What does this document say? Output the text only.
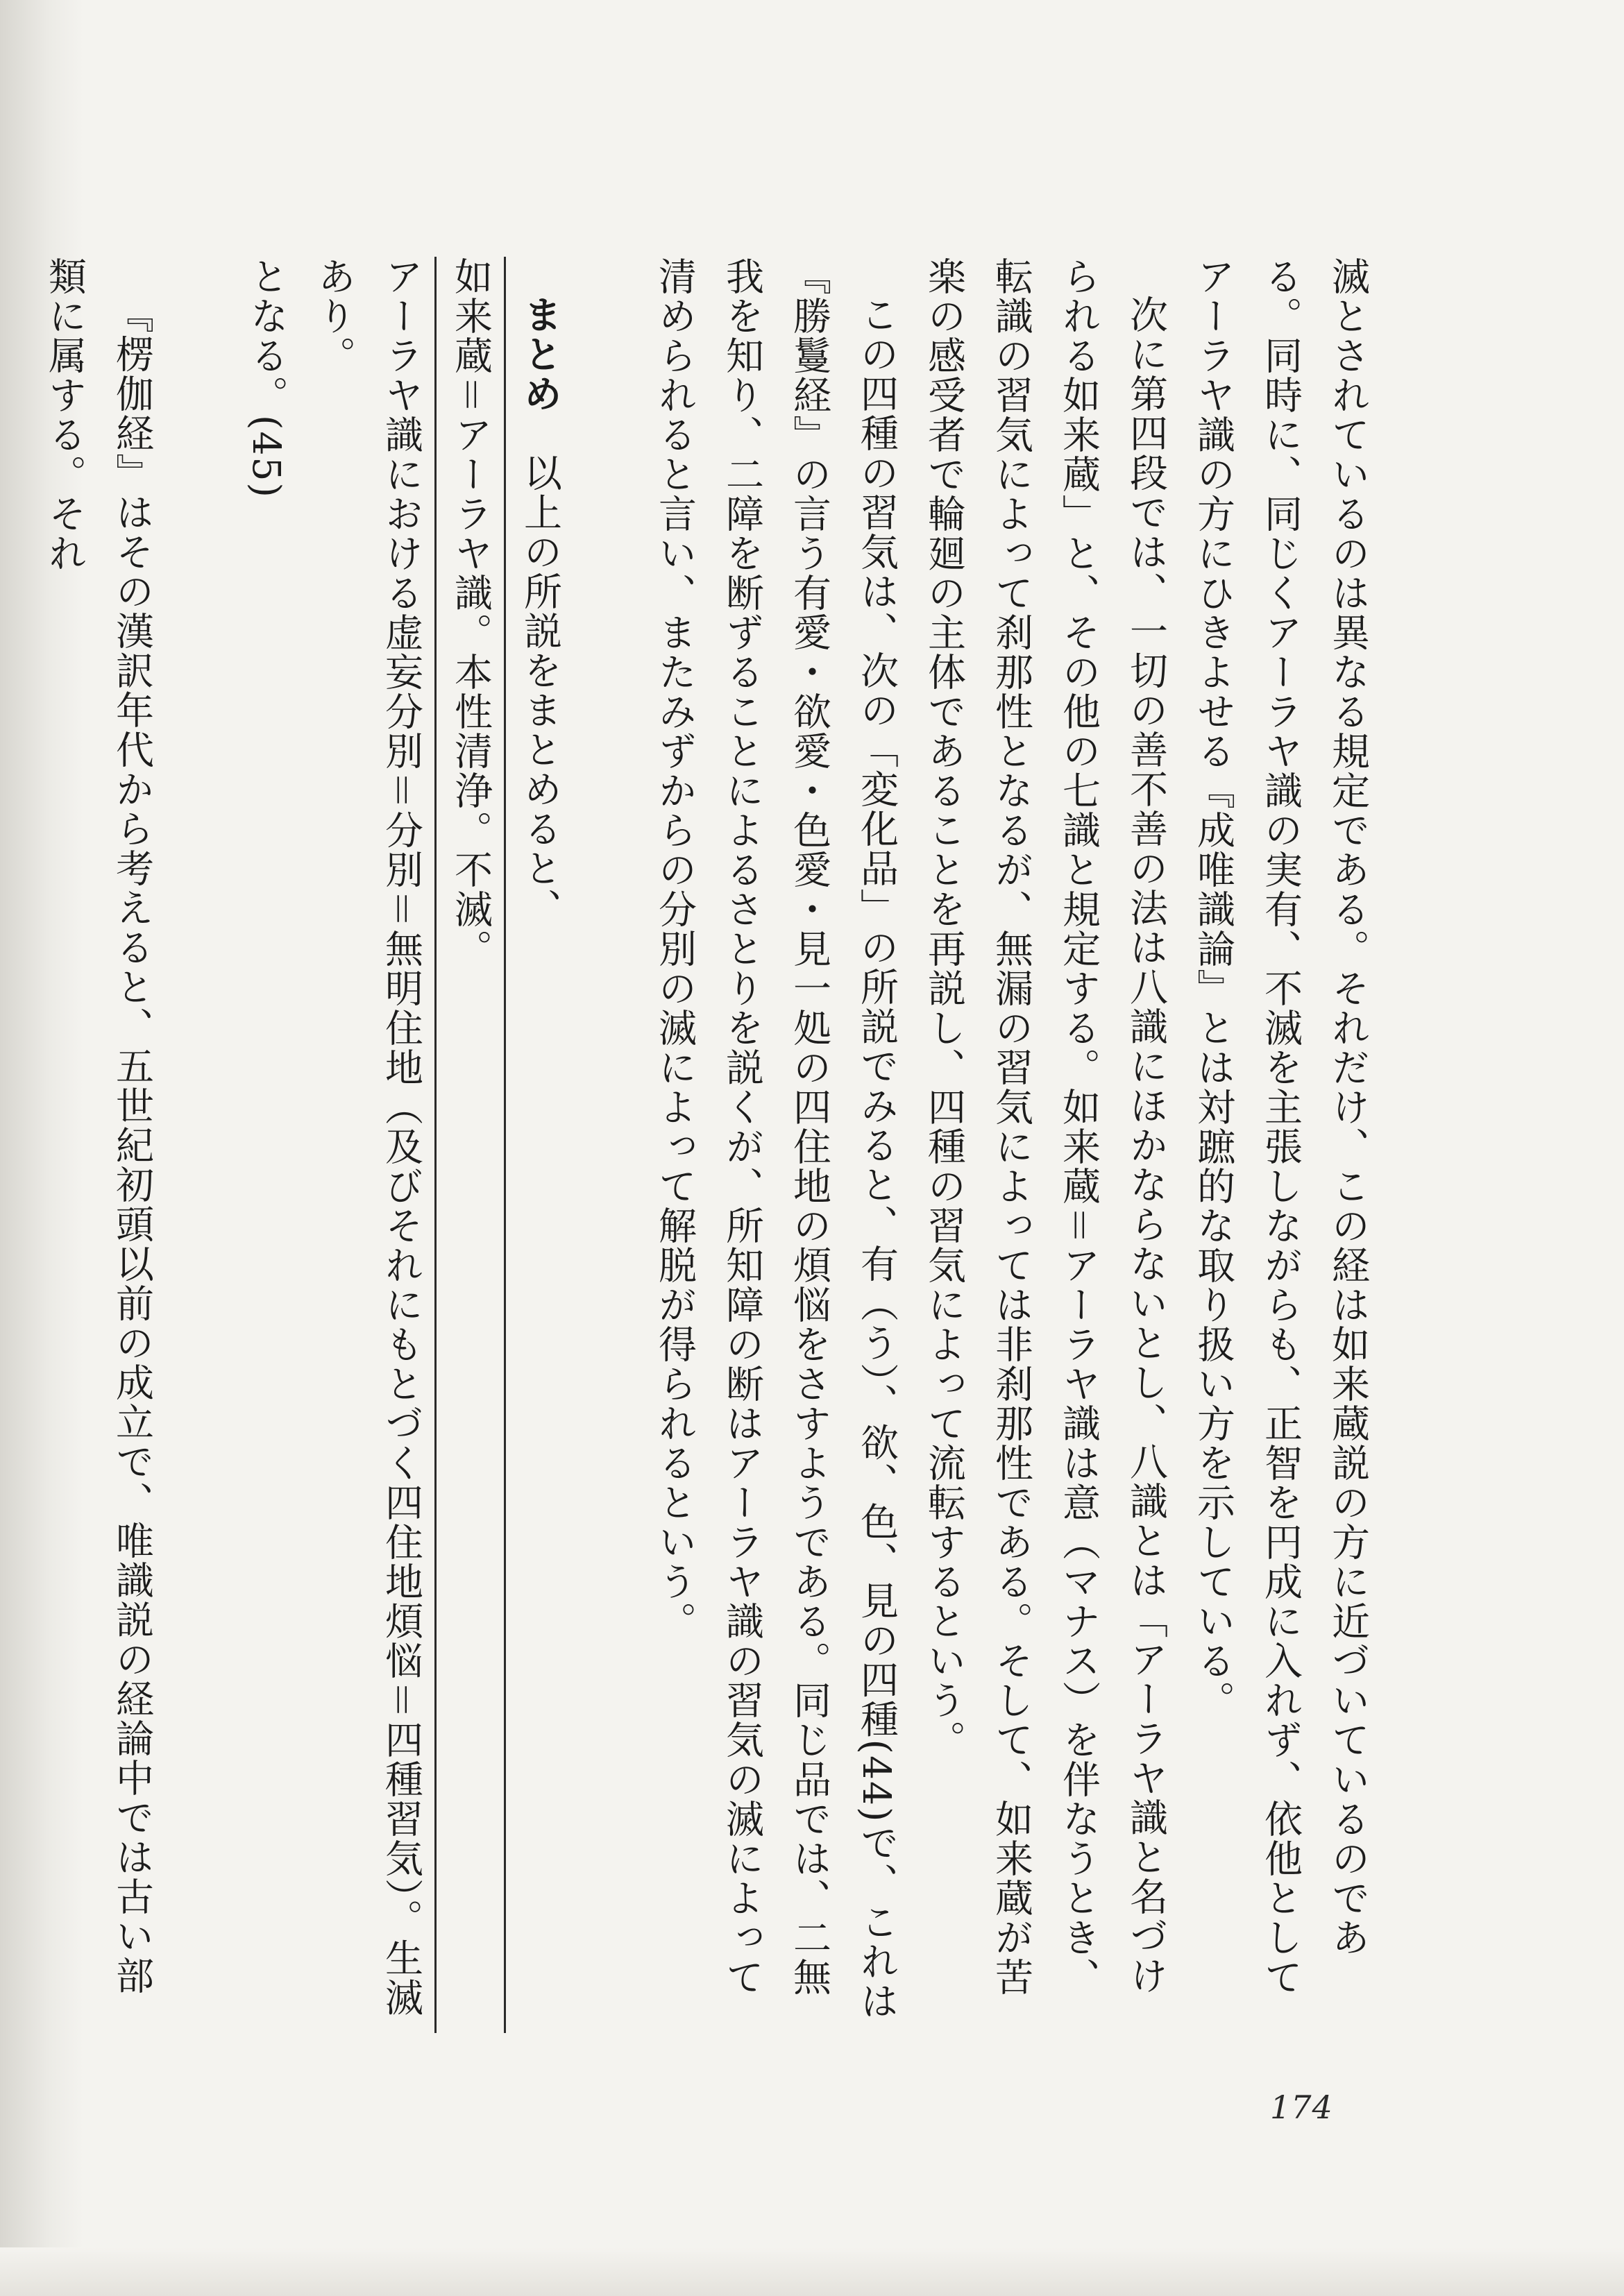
滅とされているのは異なる規定である。それだけ、この経は如来蔵説の方に近づいているのである。同時に、同じくアーラヤ識の実有、不滅を主張しながらも、正智を円成に入れず、依他としてアーラヤ識の方にひきよせる『成唯識論』とは対蹠的な取り扱い方を示している。

次に第四段では、一切の善不善の法は八識にほかならないとし、八識とは「アーラヤ識と名づけられる如来蔵」と、その他の七識と規定する。如来蔵＝アーラヤ識は意（マナス）を伴なうとき、転識の習気によって刹那性となるが、無漏の習気によっては非刹那性である。そして、如来蔵が苦楽の感受者で輪廻の主体であることを再説し、四種の習気によって流転するという。

この四種の習気は、次の「変化品」の所説でみると、有（う）、欲、色、見の四種(44)で、これは『勝鬘経』の言う有愛・欲愛・色愛・見一処の四住地の煩悩をさすようである。同じ品では、二無我を知り、二障を断ずることによるさとりを説くが、所知障の断はアーラヤ識の習気の滅によって清められると言い、またみずからの分別の滅によって解脱が得られるという。

まとめ　以上の所説をまとめると、

如来蔵＝アーラヤ識。本性清浄。不滅。

アーラヤ識における虚妄分別＝分別＝無明住地（及びそれにもとづく四住地煩悩＝四種習気）。生滅あり。

となる。(45)

『楞伽経』はその漢訳年代から考えると、五世紀初頭以前の成立で、唯識説の経論中では古い部類に属する。それ

174
